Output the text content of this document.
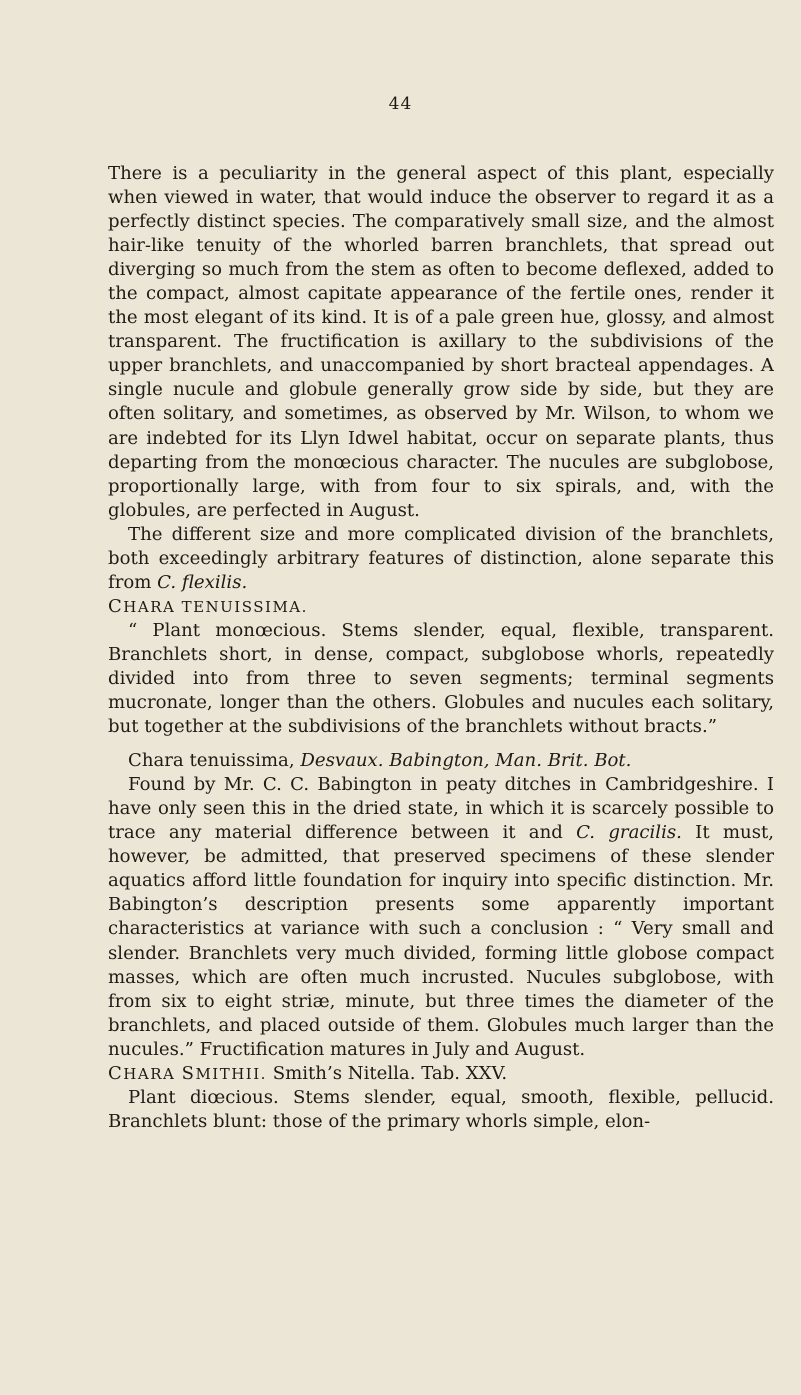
44

There is a peculiarity in the general aspect of this plant, especially when viewed in water, that would induce the observer to regard it as a perfectly distinct species. The comparatively small size, and the almost hair-like tenuity of the whorled barren branchlets, that spread out diverging so much from the stem as often to become deflexed, added to the compact, almost capitate appearance of the fertile ones, render it the most elegant of its kind. It is of a pale green hue, glossy, and almost transparent. The fructification is axillary to the subdivisions of the upper branchlets, and unaccompanied by short bracteal appendages. A single nucule and globule generally grow side by side, but they are often solitary, and sometimes, as observed by Mr. Wilson, to whom we are indebted for its Llyn Idwel habitat, occur on separate plants, thus departing from the monœcious character. The nucules are subglobose, proportionally large, with from four to six spirals, and, with the globules, are perfected in August.

The different size and more complicated division of the branchlets, both exceedingly arbitrary features of distinction, alone separate this from C. flexilis.

CHARA TENUISSIMA.

“ Plant monœcious. Stems slender, equal, flexible, transparent. Branchlets short, in dense, compact, subglobose whorls, repeatedly divided into from three to seven segments; terminal segments mucronate, longer than the others. Globules and nucules each solitary, but together at the subdivisions of the branchlets without bracts.”

Chara tenuissima, Desvaux. Babington, Man. Brit. Bot.

Found by Mr. C. C. Babington in peaty ditches in Cambridgeshire. I have only seen this in the dried state, in which it is scarcely possible to trace any material difference between it and C. gracilis. It must, however, be admitted, that preserved specimens of these slender aquatics afford little foundation for inquiry into specific distinction. Mr. Babington’s description presents some apparently important characteristics at variance with such a conclusion : “ Very small and slender. Branchlets very much divided, forming little globose compact masses, which are often much incrusted. Nucules subglobose, with from six to eight striæ, minute, but three times the diameter of the branchlets, and placed outside of them. Globules much larger than the nucules.” Fructification matures in July and August.

CHARA SMITHII. Smith’s Nitella. Tab. XXV.

Plant diœcious. Stems slender, equal, smooth, flexible, pellucid. Branchlets blunt: those of the primary whorls simple, elon-
